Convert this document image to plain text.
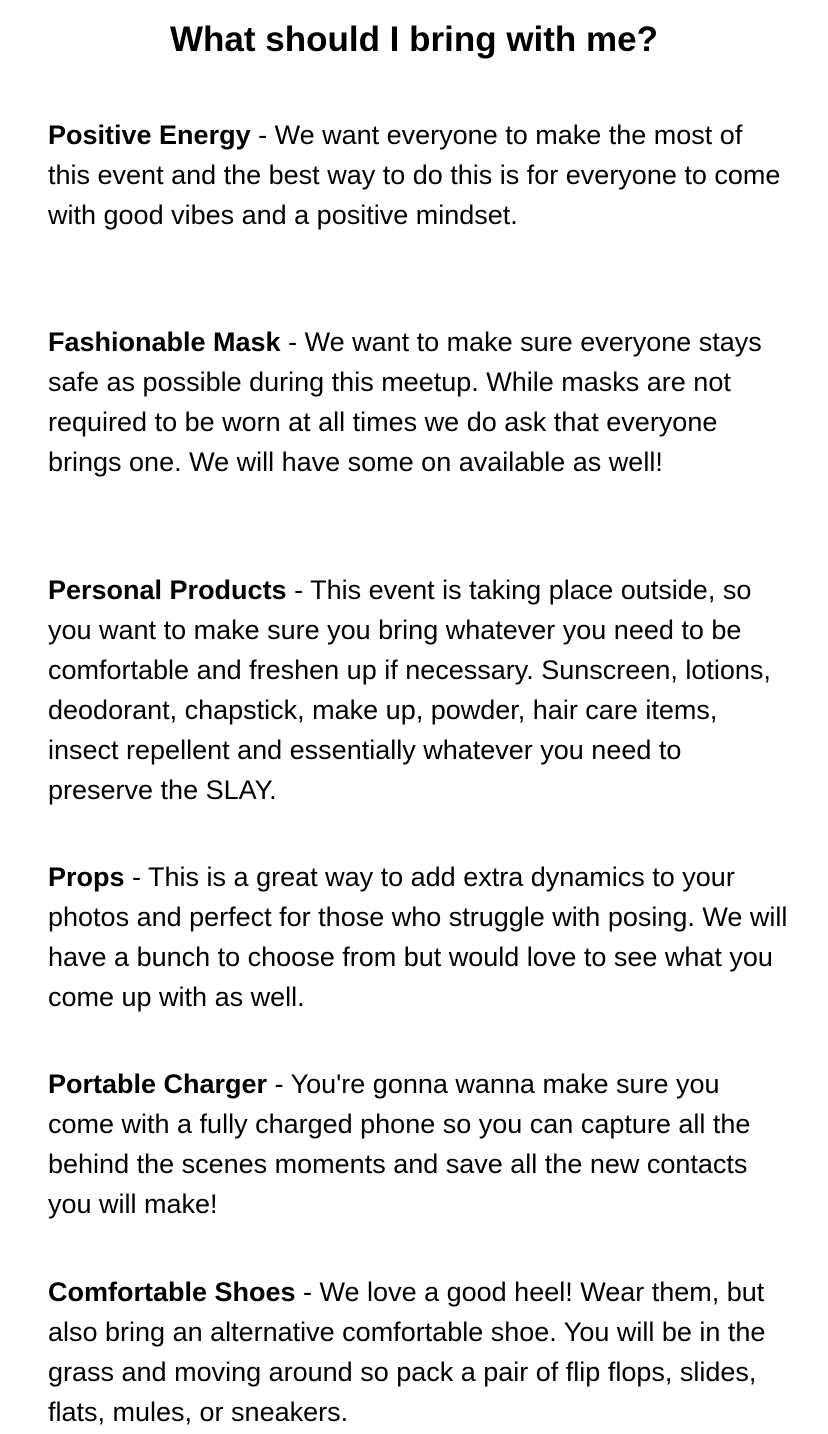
What should I bring with me?

Positive Energy - We want everyone to make the most of this event and the best way to do this is for everyone to come with good vibes and a positive mindset.

Fashionable Mask - We want to make sure everyone stays safe as possible during this meetup. While masks are not required to be worn at all times we do ask that everyone brings one. We will have some on available as well!

Personal Products - This event is taking place outside, so you want to make sure you bring whatever you need to be comfortable and freshen up if necessary. Sunscreen, lotions, deodorant, chapstick, make up, powder, hair care items, insect repellent and essentially whatever you need to preserve the SLAY.

Props - This is a great way to add extra dynamics to your photos and perfect for those who struggle with posing. We will have a bunch to choose from but would love to see what you come up with as well.

Portable Charger - You're gonna wanna make sure you come with a fully charged phone so you can capture all the behind the scenes moments and save all the new contacts you will make!

Comfortable Shoes - We love a good heel! Wear them, but also bring an alternative comfortable shoe. You will be in the grass and moving around so pack a pair of flip flops, slides, flats, mules, or sneakers.
